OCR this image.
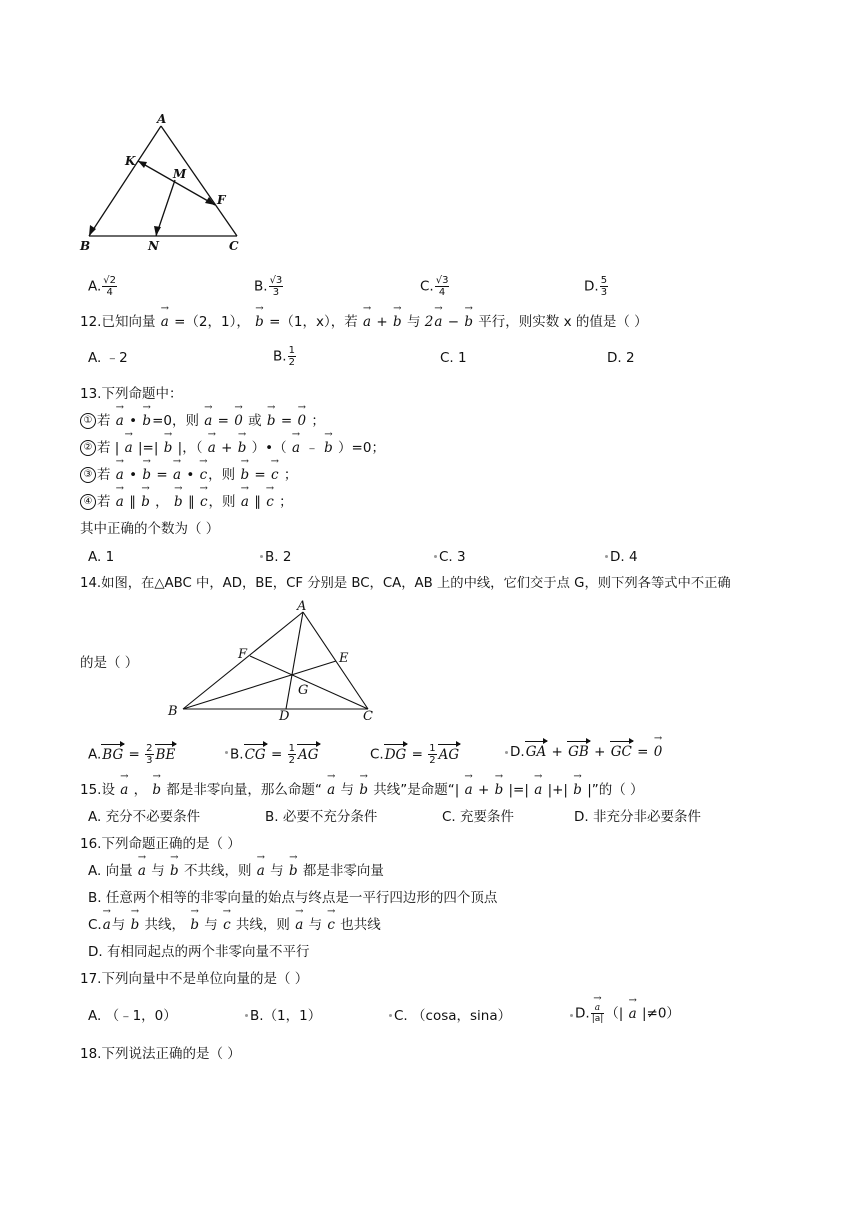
A
K
M
F
B	N	C
A. $\frac{√2}{4}$	B. $\frac{√3}{3}$	C. $\frac{√3}{4}$	D. $\frac{5}{3}$
12.已知向量 → a =（2，1）， → b =（1，x），若 → a + → b 与 2→ a − → b 平行，则实数 x 的值是（ ）
A. ﹣2	B. $\frac{1}{2}$	C. 1	D. 2
13.下列命题中：
① 若 → a • → b=0，则 → a = → 0 或 → b = → 0 ；
② 若 | → a |=| → b |，（ → a + → b ）•（ → a ﹣ → b ）=0；
③ 若 → a • → b = → a • → c，则 → b = → c ；
④ 若 → a ∥ → b ， → b ∥ → c，则 → a ∥ → c ；
其中正确的个数为（ ）
A. 1	B. 2	C. 3	D. 4
14.如图，在△ABC 中，AD，BE，CF 分别是 BC，CA，AB 上的中线，它们交于点 G，则下列各等式中不正确
的是（ ）
A
B	C
D
E
F
G
$A.BG = \frac{2}{3}$ BE	$B.CG = \frac{1}{2}$ AG	$C.DG = \frac{1}{2}$ AG	D.GA + GB + GC = → 0
15.设 → a ， → b 都是非零向量，那么命题“ → a 与 → b 共线”是命题“| → a + → b |=| → a |+| → b |”的（ ）
A. 充分不必要条件	B. 必要不充分条件	C. 充要条件	D. 非充分非必要条件
16.下列命题正确的是（ ）
A. 向量 → a 与 → b 不共线，则 → a 与 → b 都是非零向量
B. 任意两个相等的非零向量的始点与终点是一平行四边形的四个顶点
C.→ a与 → b 共线， → b 与 → c 共线，则 → a 与 → c 也共线
D. 有相同起点的两个非零向量不平行
17.下列向量中不是单位向量的是（ ）
A. （﹣1，0）	B.（1，1）	C. （cosa，sina）	D. → $\frac{a}{|a|}$ （| → a |≠0）
18.下列说法正确的是（ ）
